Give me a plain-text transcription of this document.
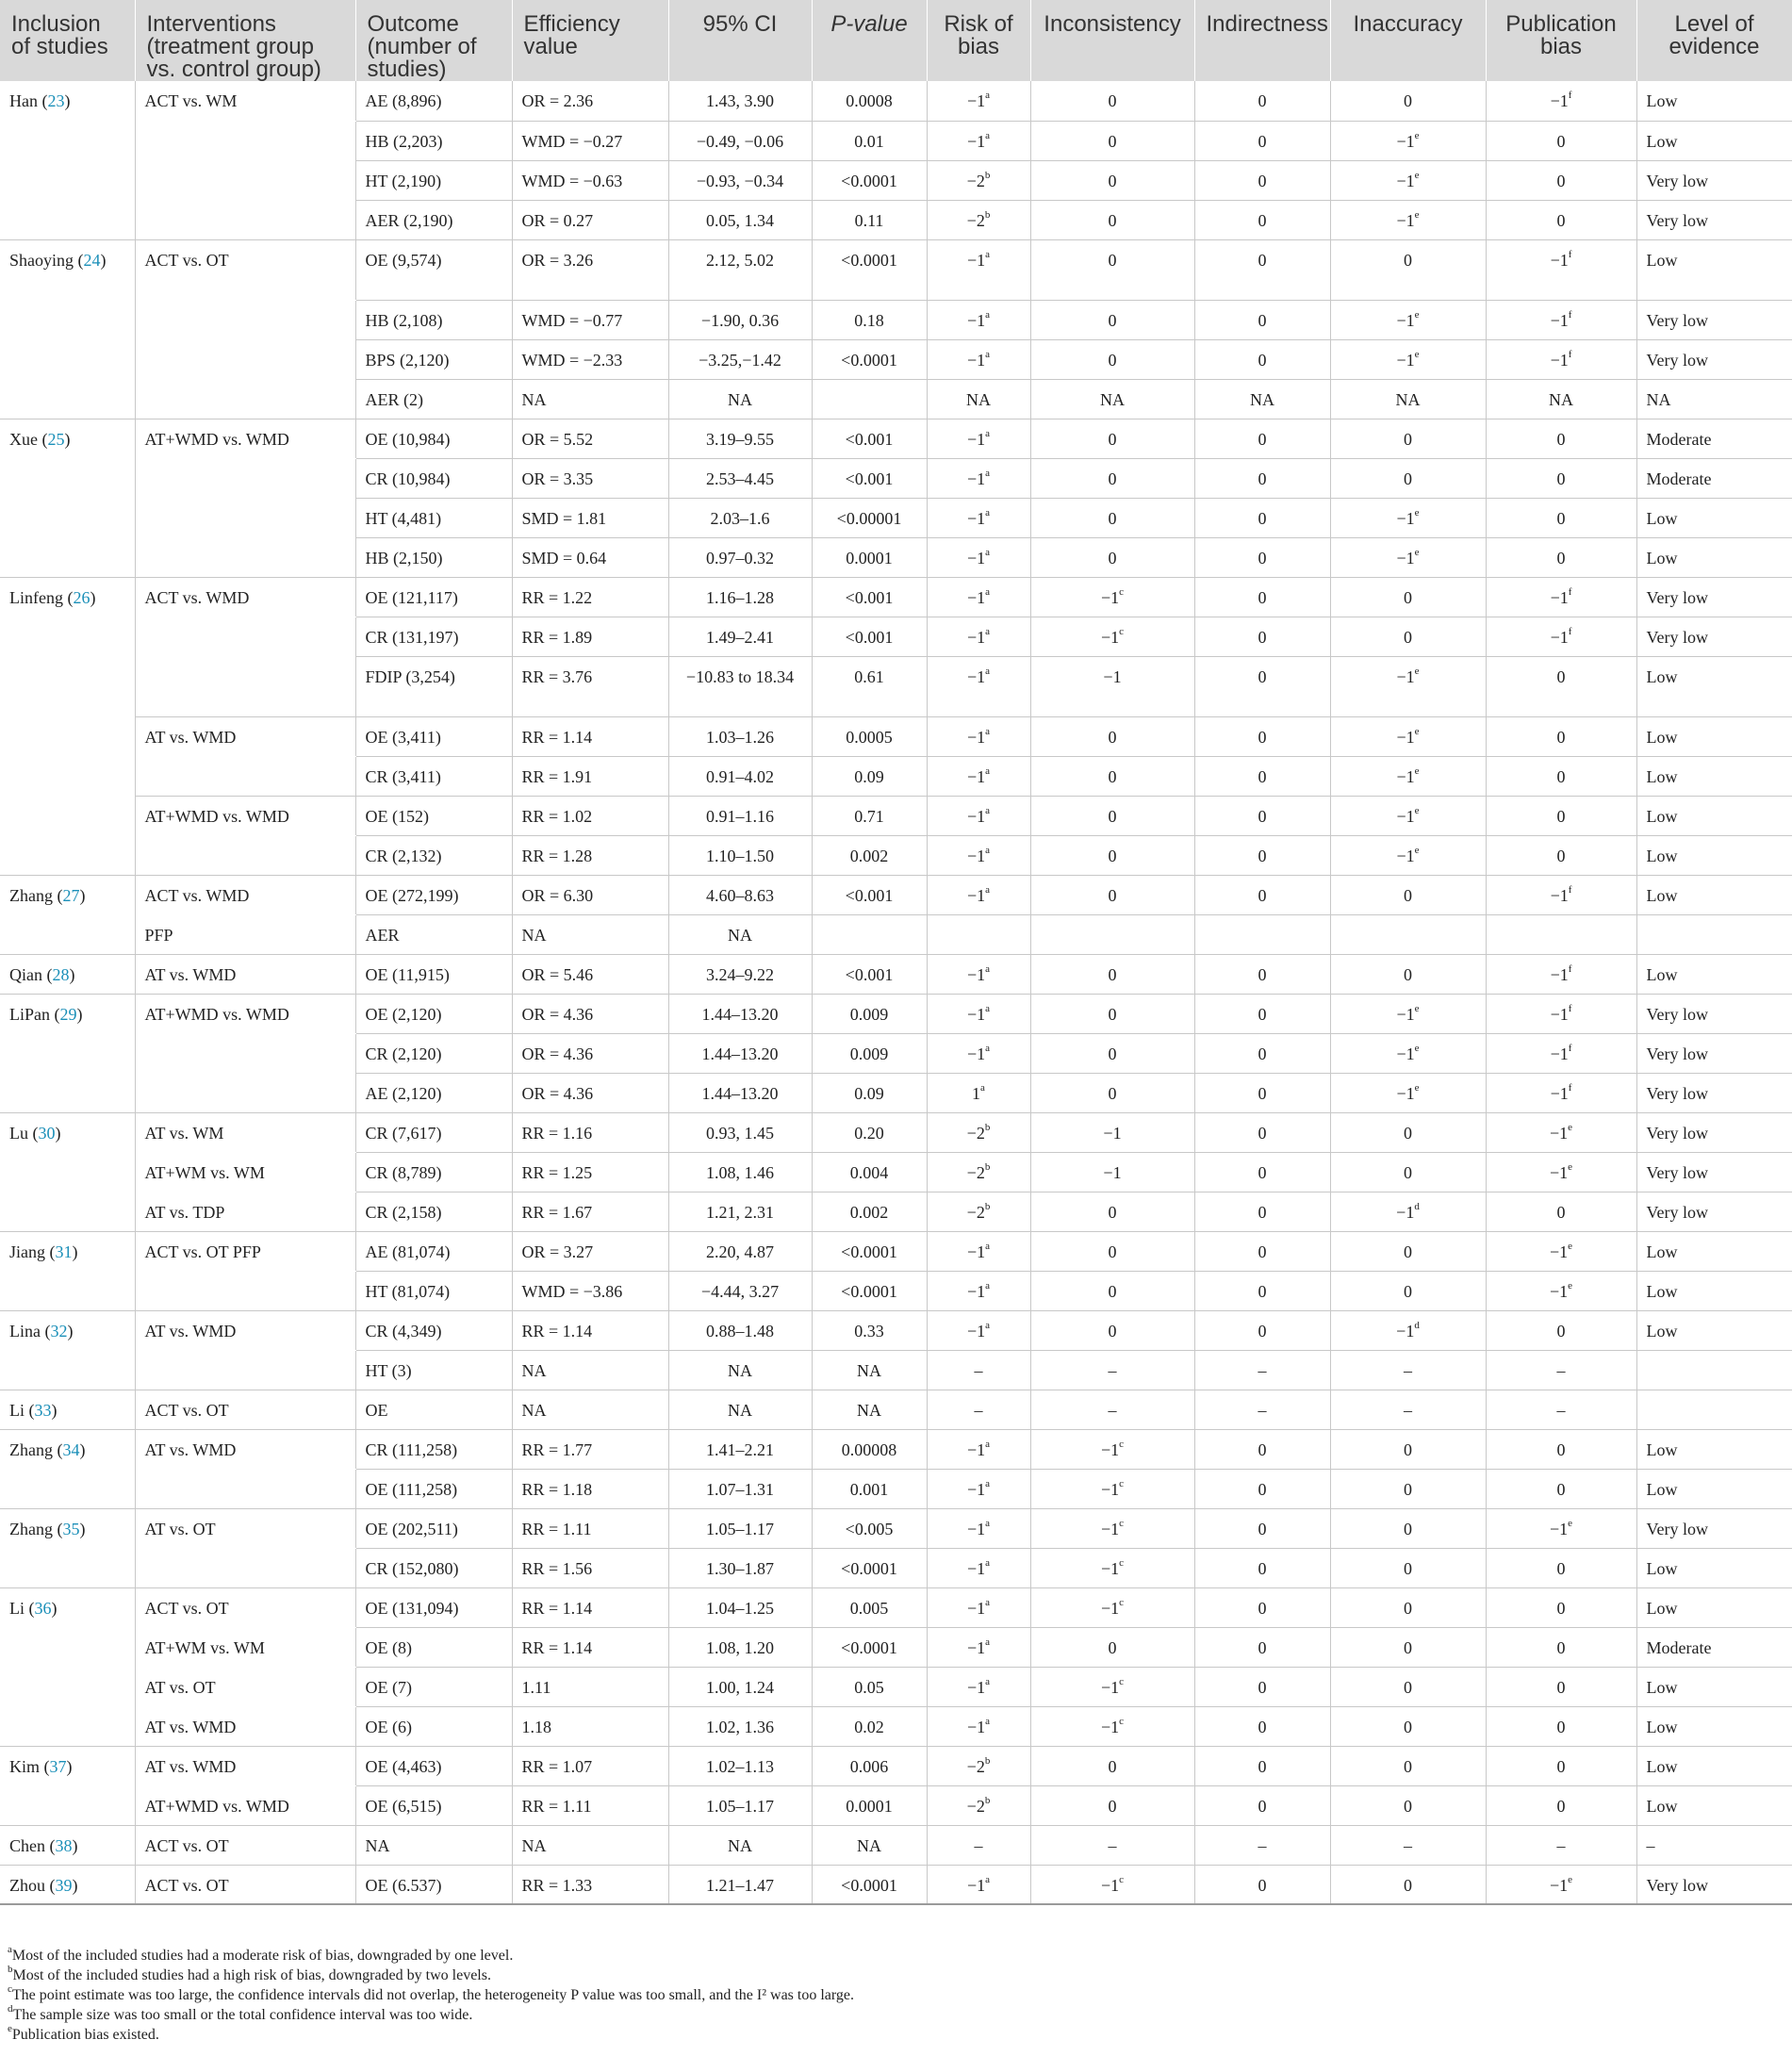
Inclusion of studies	Interventions (treatment group vs. control group)	Outcome (number of studies)	Efficiency value	95% CI	P-value	Risk of bias	Inconsistency	Indirectness	Inaccuracy	Publication bias	Level of evidence
Han (23)	ACT vs. WM	AE (8,896)	OR = 2.36	1.43, 3.90	0.0008	$-1^a$	0	0	0	$-1^f$	Low
		HB (2,203)	WMD = −0.27	−0.49, −0.06	0.01	$-1^a$	0	0	$-1^e$	0	Low
		HT (2,190)	WMD = −0.63	−0.93, −0.34	<0.0001	$-2^b$	0	0	$-1^e$	0	Very low
		AER (2,190)	OR = 0.27	0.05, 1.34	0.11	$-2^b$	0	0	$-1^e$	0	Very low
Shaoying (24)	ACT vs. OT	OE (9,574)	OR = 3.26	2.12, 5.02	<0.0001	$-1^a$	0	0	0	$-1^f$	Low
		HB (2,108)	WMD = −0.77	−1.90, 0.36	0.18	$-1^a$	0	0	$-1^e$	$-1^f$	Very low
		BPS (2,120)	WMD = −2.33	−3.25,−1.42	<0.0001	$-1^a$	0	0	$-1^e$	$-1^f$	Very low
		AER (2)	NA	NA		NA	NA	NA	NA	NA	NA
Xue (25)	AT+WMD vs. WMD	OE (10,984)	OR = 5.52	3.19–9.55	<0.001	$-1^a$	0	0	0	0	Moderate
		CR (10,984)	OR = 3.35	2.53–4.45	<0.001	$-1^a$	0	0	0	0	Moderate
		HT (4,481)	SMD = 1.81	2.03–1.6	<0.00001	$-1^a$	0	0	$-1^e$	0	Low
		HB (2,150)	SMD = 0.64	0.97–0.32	0.0001	$-1^a$	0	0	$-1^e$	0	Low
Linfeng (26)	ACT vs. WMD	OE (121,117)	RR = 1.22	1.16–1.28	<0.001	$-1^a$	$-1^c$	0	0	$-1^f$	Very low
		CR (131,197)	RR = 1.89	1.49–2.41	<0.001	$-1^a$	$-1^c$	0	0	$-1^f$	Very low
		FDIP (3,254)	RR = 3.76	−10.83 to 18.34	0.61	$-1^a$	−1	0	$-1^e$	0	Low
	AT vs. WMD	OE (3,411)	RR = 1.14	1.03–1.26	0.0005	$-1^a$	0	0	$-1^e$	0	Low
		CR (3,411)	RR = 1.91	0.91–4.02	0.09	$-1^a$	0	0	$-1^e$	0	Low
	AT+WMD vs. WMD	OE (152)	RR = 1.02	0.91–1.16	0.71	$-1^a$	0	0	$-1^e$	0	Low
		CR (2,132)	RR = 1.28	1.10–1.50	0.002	$-1^a$	0	0	$-1^e$	0	Low
Zhang (27)	ACT vs. WMD	OE (272,199)	OR = 6.30	4.60–8.63	<0.001	$-1^a$	0	0	0	$-1^f$	Low
	PFP	AER	NA	NA							
Qian (28)	AT vs. WMD	OE (11,915)	OR = 5.46	3.24–9.22	<0.001	$-1^a$	0	0	0	$-1^f$	Low
LiPan (29)	AT+WMD vs. WMD	OE (2,120)	OR = 4.36	1.44–13.20	0.009	$-1^a$	0	0	$-1^e$	$-1^f$	Very low
		CR (2,120)	OR = 4.36	1.44–13.20	0.009	$-1^a$	0	0	$-1^e$	$-1^f$	Very low
		AE (2,120)	OR = 4.36	1.44–13.20	0.09	1$^a$	0	0	$-1^e$	$-1^f$	Very low
Lu (30)	AT vs. WM	CR (7,617)	RR = 1.16	0.93, 1.45	0.20	$-2^b$	−1	0	0	$-1^e$	Very low
	AT+WM vs. WM	CR (8,789)	RR = 1.25	1.08, 1.46	0.004	$-2^b$	−1	0	0	$-1^e$	Very low
	AT vs. TDP	CR (2,158)	RR = 1.67	1.21, 2.31	0.002	$-2^b$	0	0	$-1^d$	0	Very low
Jiang (31)	ACT vs. OT PFP	AE (81,074)	OR = 3.27	2.20, 4.87	<0.0001	$-1^a$	0	0	0	$-1^e$	Low
		HT (81,074)	WMD = −3.86	−4.44, 3.27	<0.0001	$-1^a$	0	0	0	$-1^e$	Low
Lina (32)	AT vs. WMD	CR (4,349)	RR = 1.14	0.88–1.48	0.33	$-1^a$	0	0	$-1^d$	0	Low
		HT (3)	NA	NA	NA	–	–	–	–	–	
Li (33)	ACT vs. OT	OE	NA	NA	NA	–	–	–	–	–	
Zhang (34)	AT vs. WMD	CR (111,258)	RR = 1.77	1.41–2.21	0.00008	$-1^a$	$-1^c$	0	0	0	Low
		OE (111,258)	RR = 1.18	1.07–1.31	0.001	$-1^a$	$-1^c$	0	0	0	Low
Zhang (35)	AT vs. OT	OE (202,511)	RR = 1.11	1.05–1.17	<0.005	$-1^a$	$-1^c$	0	0	$-1^e$	Very low
		CR (152,080)	RR = 1.56	1.30–1.87	<0.0001	$-1^a$	$-1^c$	0	0	0	Low
Li (36)	ACT vs. OT	OE (131,094)	RR = 1.14	1.04–1.25	0.005	$-1^a$	$-1^c$	0	0	0	Low
	AT+WM vs. WM	OE (8)	RR = 1.14	1.08, 1.20	<0.0001	$-1^a$	0	0	0	0	Moderate
	AT vs. OT	OE (7)	1.11	1.00, 1.24	0.05	$-1^a$	$-1^c$	0	0	0	Low
	AT vs. WMD	OE (6)	1.18	1.02, 1.36	0.02	$-1^a$	$-1^c$	0	0	0	Low
Kim (37)	AT vs. WMD	OE (4,463)	RR = 1.07	1.02–1.13	0.006	$-2^b$	0	0	0	0	Low
	AT+WMD vs. WMD	OE (6,515)	RR = 1.11	1.05–1.17	0.0001	$-2^b$	0	0	0	0	Low
Chen (38)	ACT vs. OT	NA	NA	NA	NA	–	–	–	–	–	–
Zhou (39)	ACT vs. OT	OE (6.537)	RR = 1.33	1.21–1.47	<0.0001	$-1^a$	$-1^c$	0	0	$-1^e$	Very low
$^a$Most of the included studies had a moderate risk of bias, downgraded by one level.
$^b$Most of the included studies had a high risk of bias, downgraded by two levels.
$^c$The point estimate was too large, the confidence intervals did not overlap, the heterogeneity P value was too small, and the I² was too large.
$^d$The sample size was too small or the total confidence interval was too wide.
$^e$Publication bias existed.
